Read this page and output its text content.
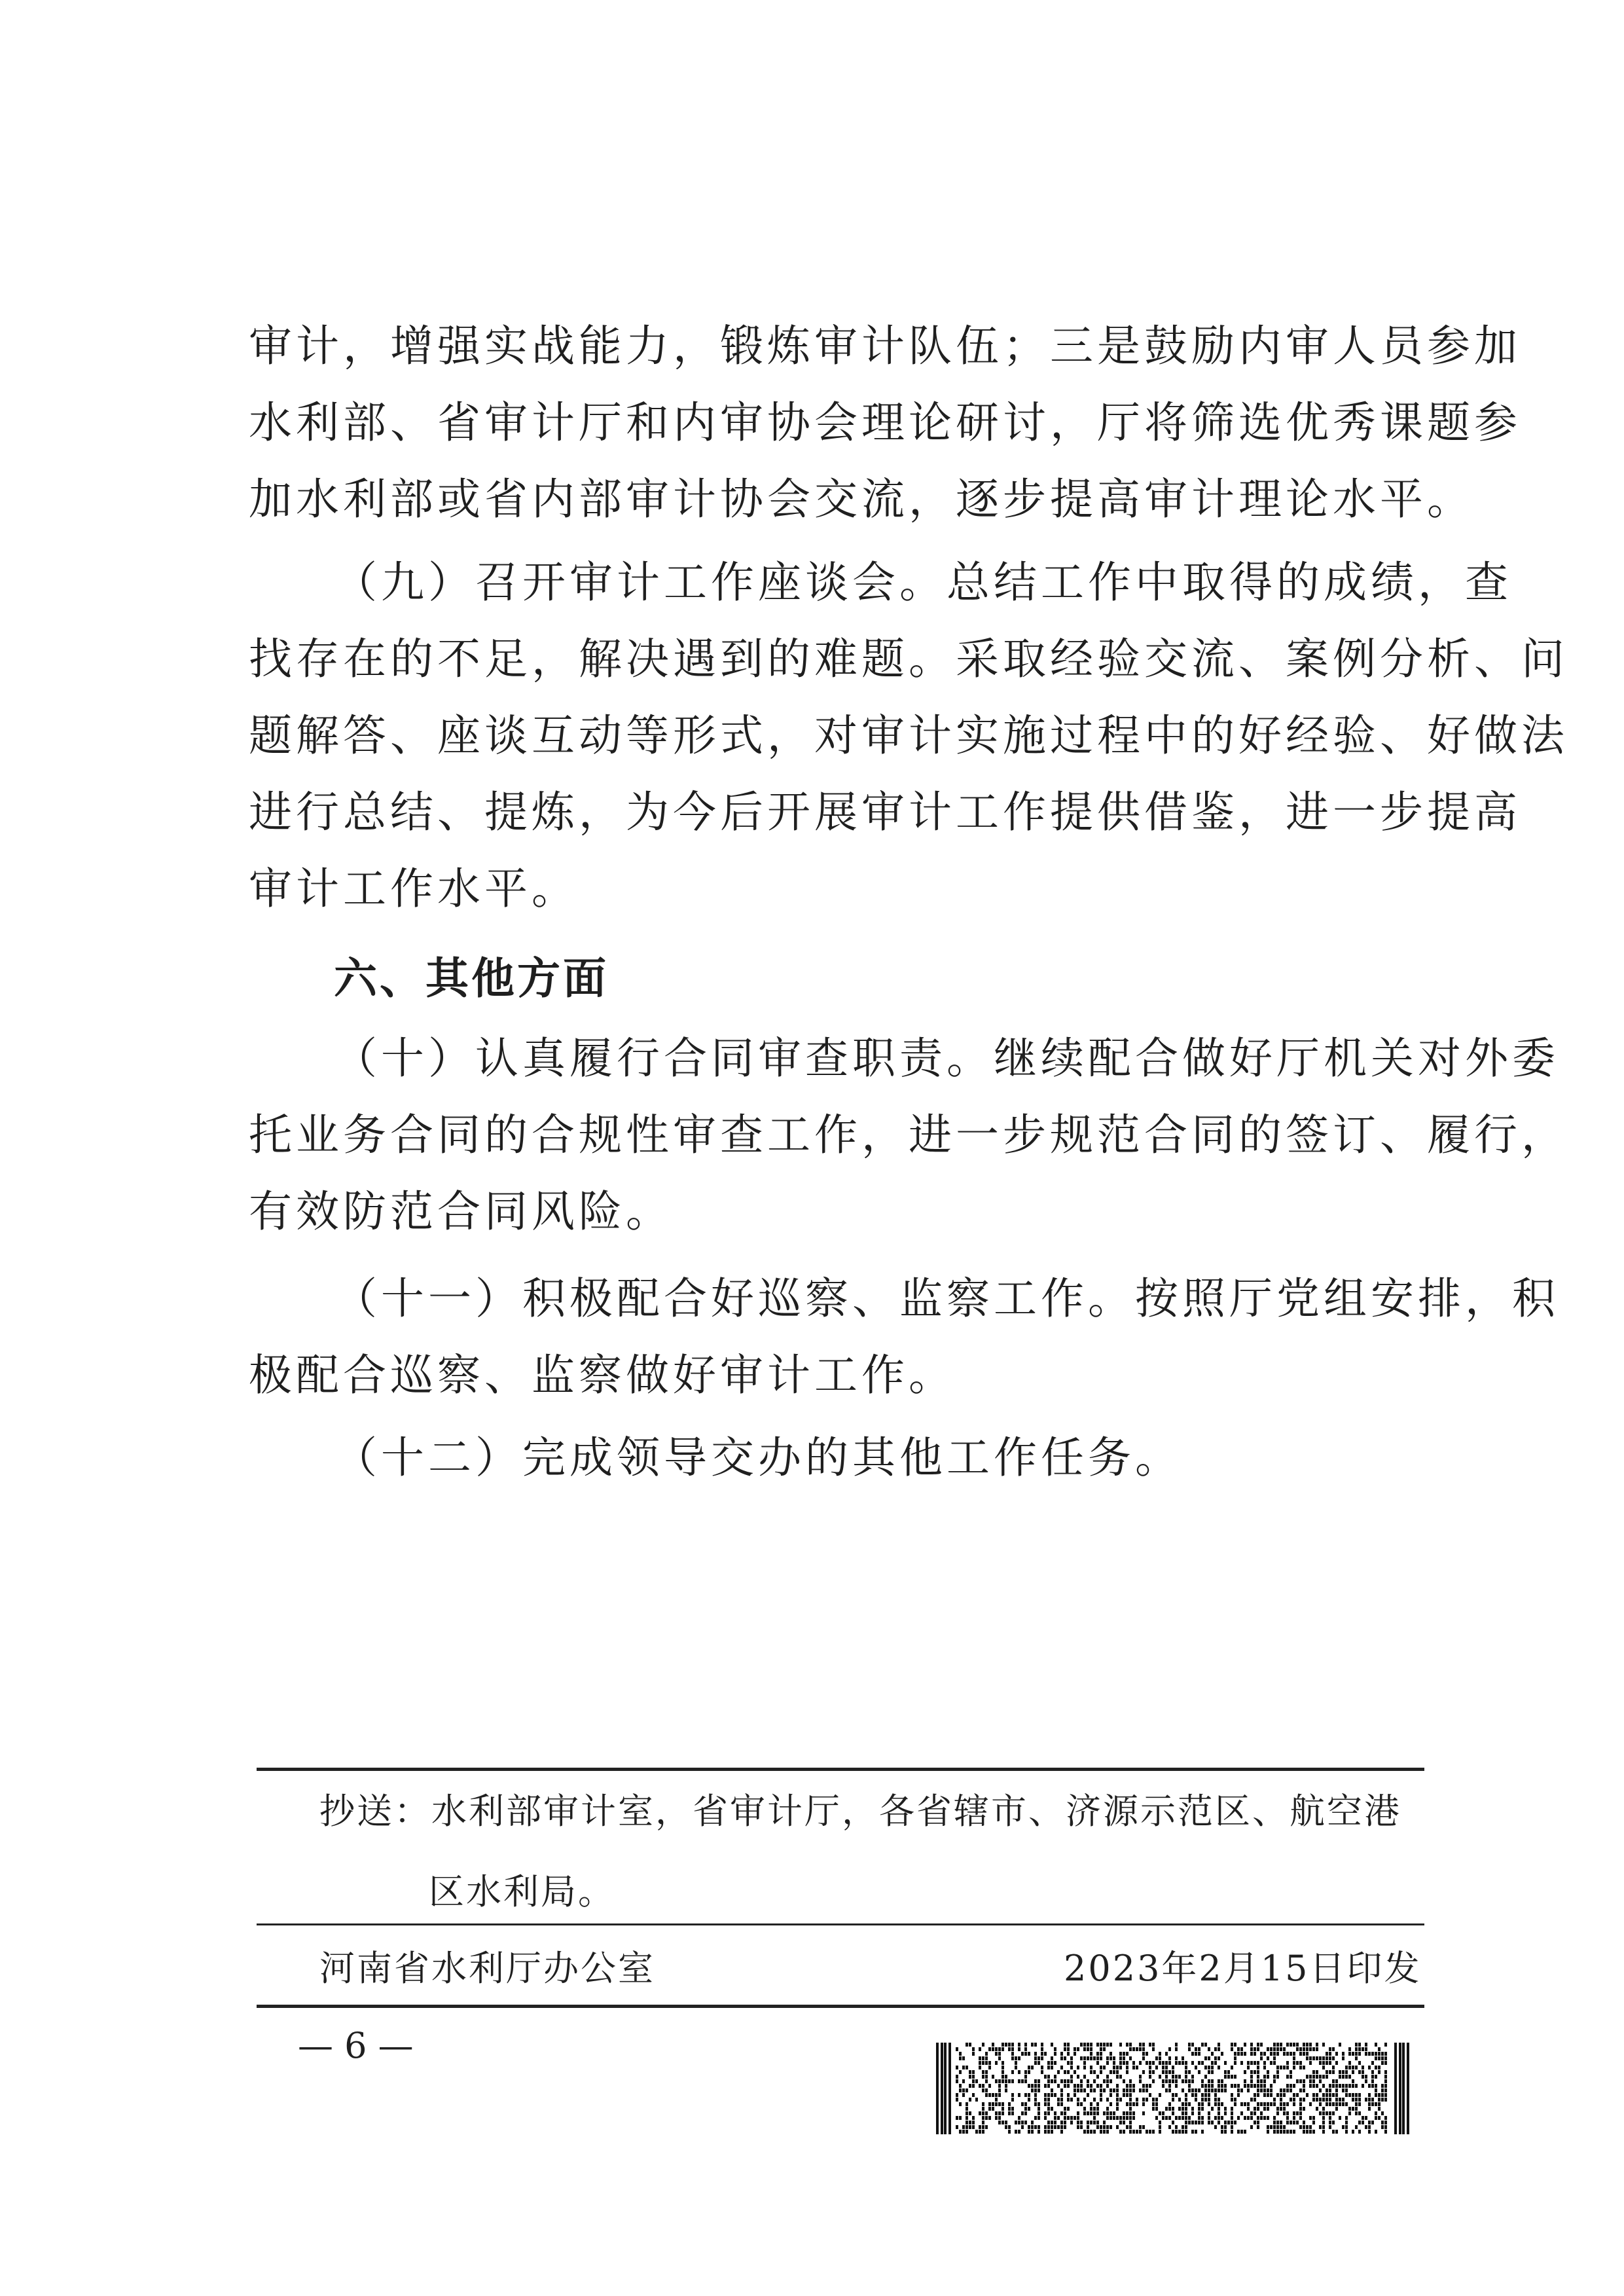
审计，增强实战能力，锻炼审计队伍；三是鼓励内审人员参加
水利部、省审计厅和内审协会理论研讨，厅将筛选优秀课题参
加水利部或省内部审计协会交流，逐步提高审计理论水平。
（九）召开审计工作座谈会。总结工作中取得的成绩，查
找存在的不足，解决遇到的难题。采取经验交流、案例分析、问
题解答、座谈互动等形式，对审计实施过程中的好经验、好做法
进行总结、提炼，为今后开展审计工作提供借鉴，进一步提高
审计工作水平。
六、其他方面
（十）认真履行合同审查职责。继续配合做好厅机关对外委
托业务合同的合规性审查工作，进一步规范合同的签订、履行，
有效防范合同风险。
（十一）积极配合好巡察、监察工作。按照厅党组安排，积
极配合巡察、监察做好审计工作。
（十二）完成领导交办的其他工作任务。
抄送：水利部审计室，省审计厅，各省辖市、济源示范区、航空港
区水利局。
河南省水利厅办公室	2023年2月15日印发
— 6 —
